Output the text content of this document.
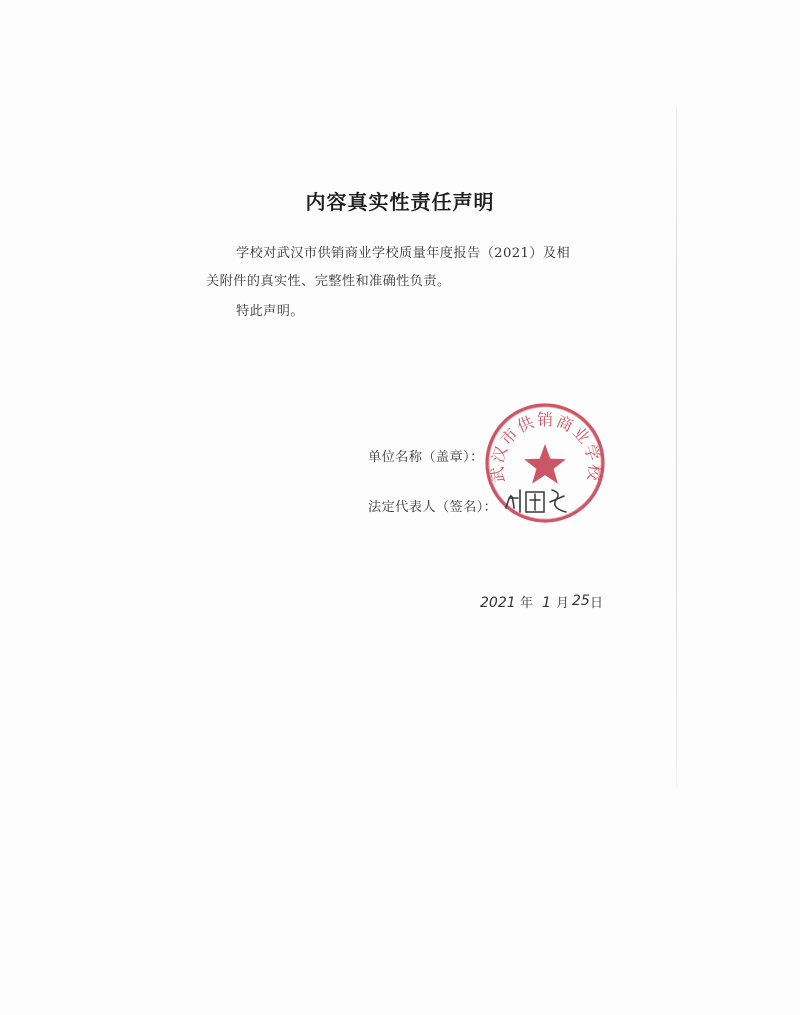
内容真实性责任声明
学校对武汉市供销商业学校质量年度报告（2021）及相
关附件的真实性、完整性和准确性负责。
特此声明。
单位名称（盖章）：
法定代表人（签名）：
武汉市供销商业学校
2021 年 1 月 25 日
